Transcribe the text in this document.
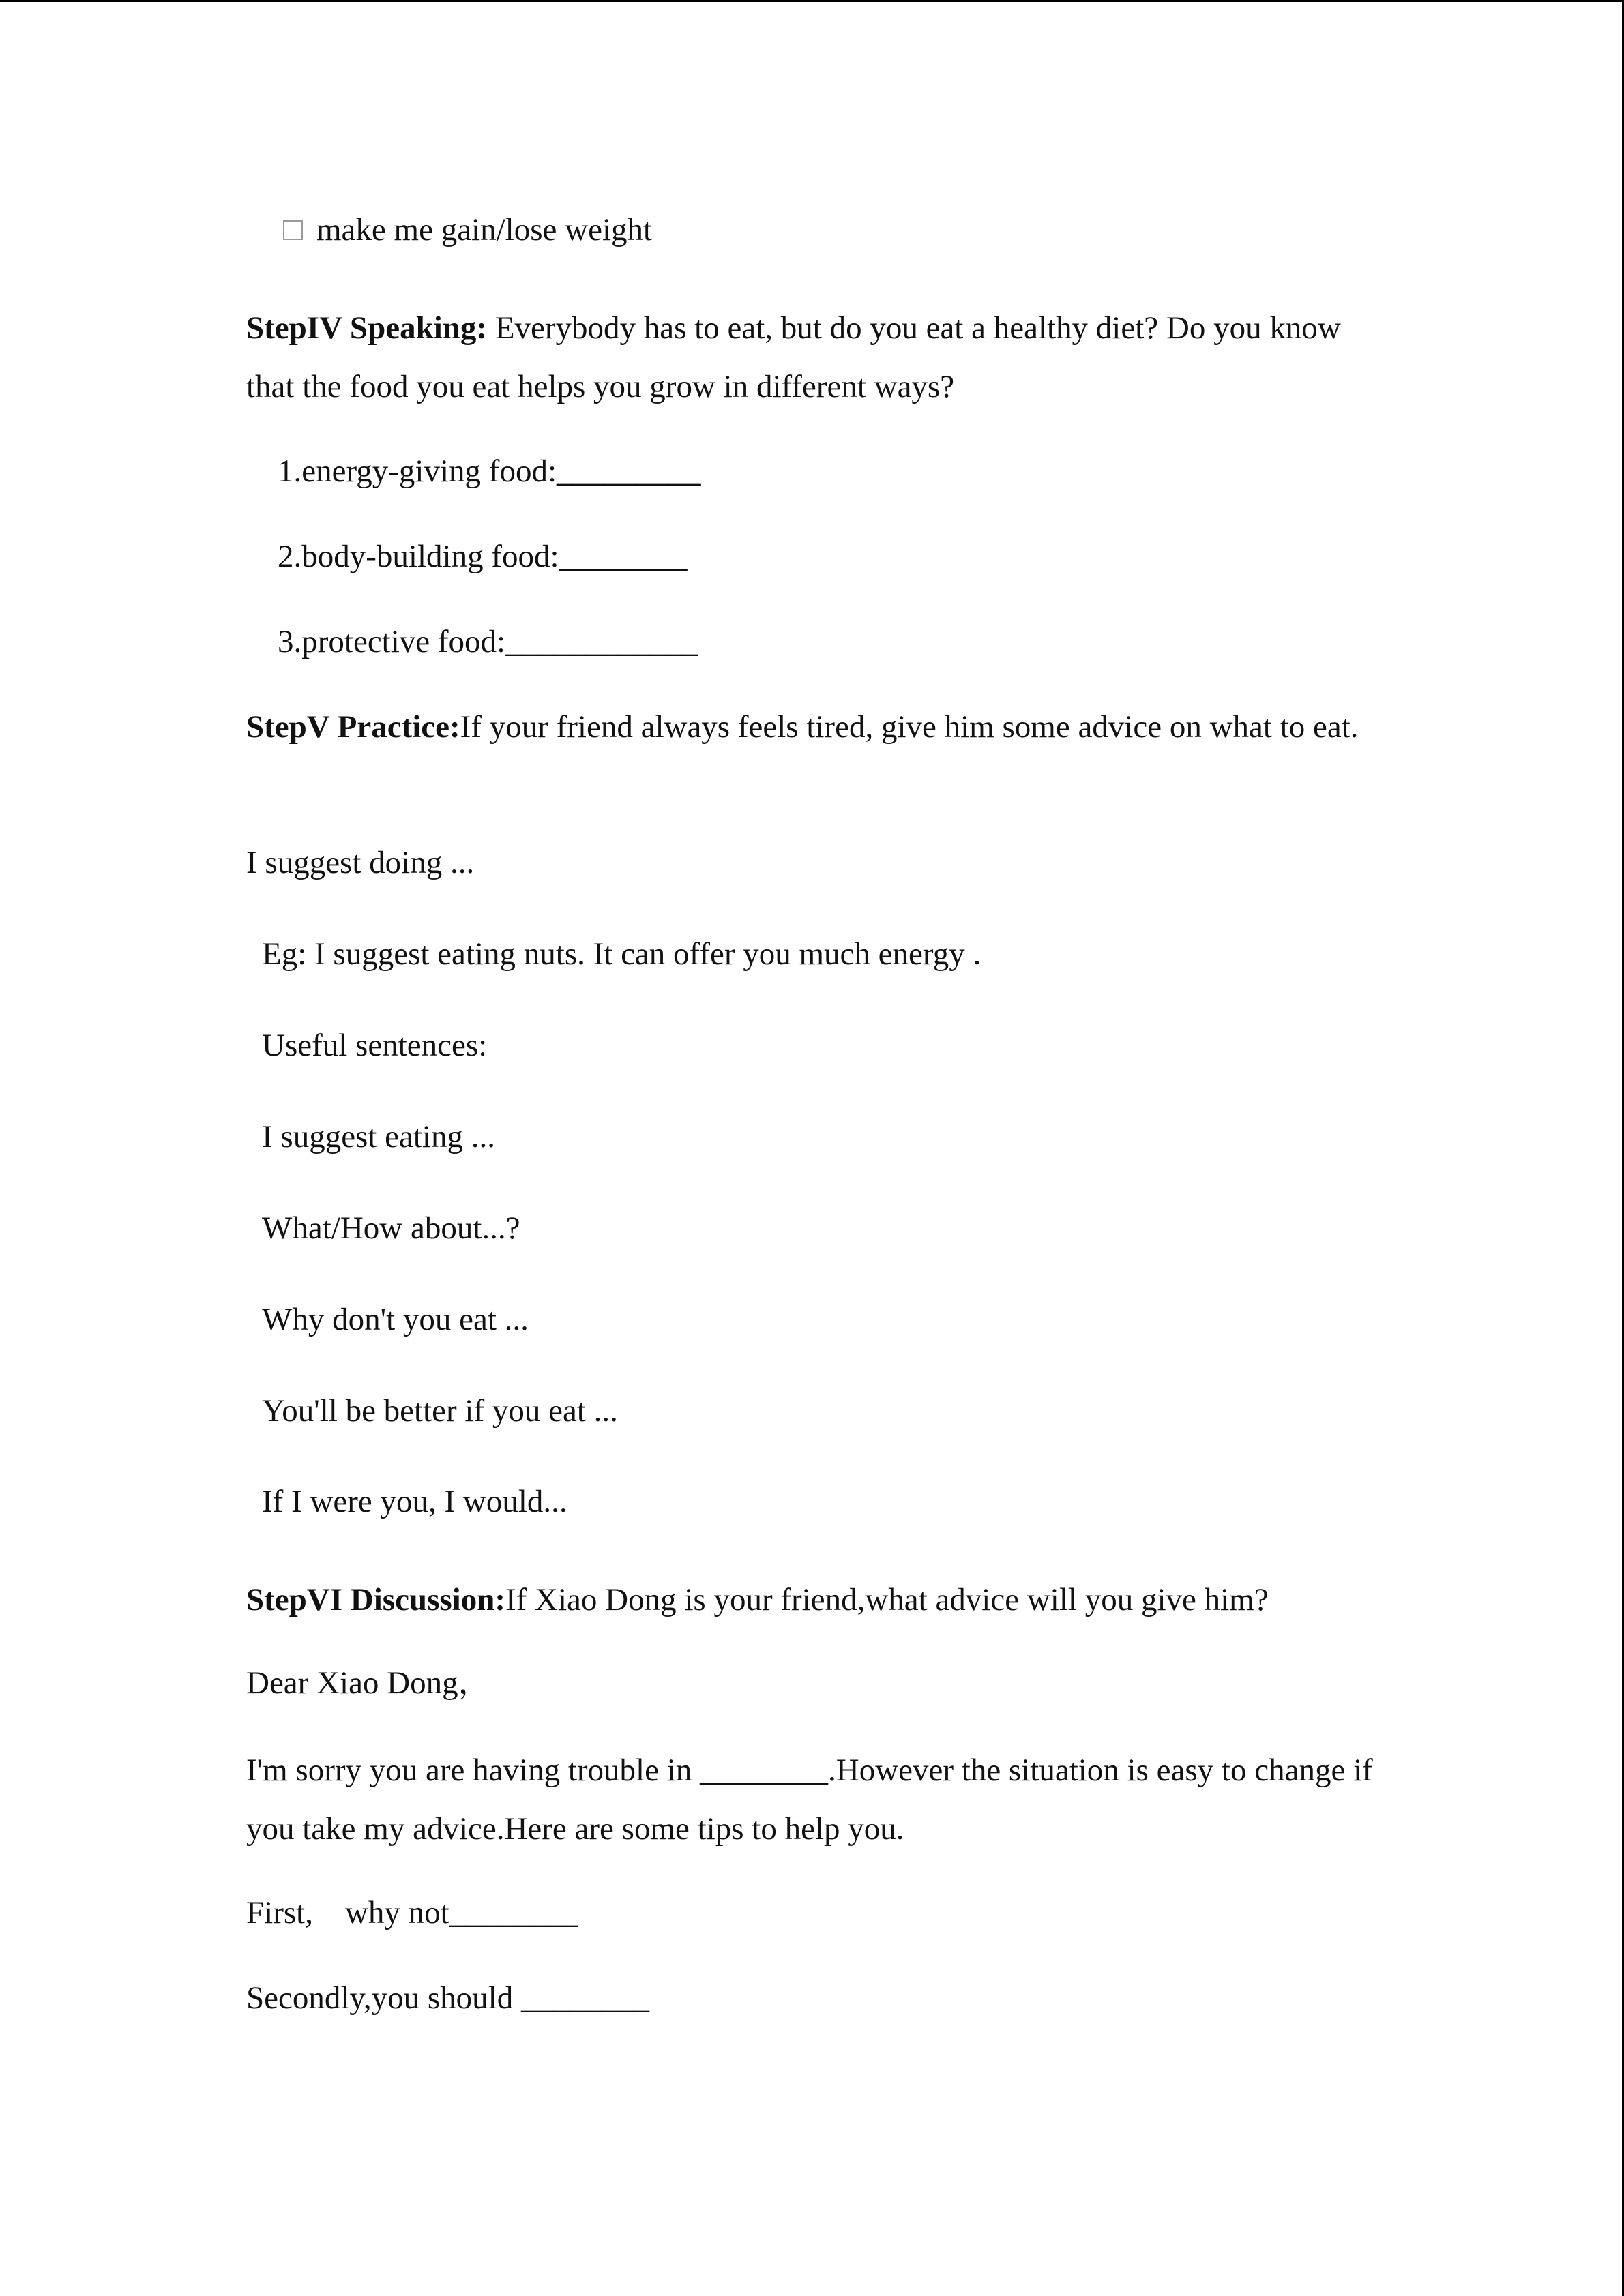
make me gain/lose weight

StepIV Speaking: Everybody has to eat, but do you eat a healthy diet? Do you know that the food you eat helps you grow in different ways?

1.energy-giving food:_________

2.body-building food:________

3.protective food:____________

StepV Practice:If your friend always feels tired, give him some advice on what to eat.

I suggest doing ...

Eg: I suggest eating nuts. It can offer you much energy .

Useful sentences:

I suggest eating ...

What/How about...?

Why don't you eat ...

You'll be better if you eat ...

If I were you, I would...

StepVI Discussion:If Xiao Dong is your friend,what advice will you give him?

Dear Xiao Dong，

I'm sorry you are having trouble in ________.However the situation is easy to change if you take my advice.Here are some tips to help you.

First,    why not________

Secondly,you should ________
